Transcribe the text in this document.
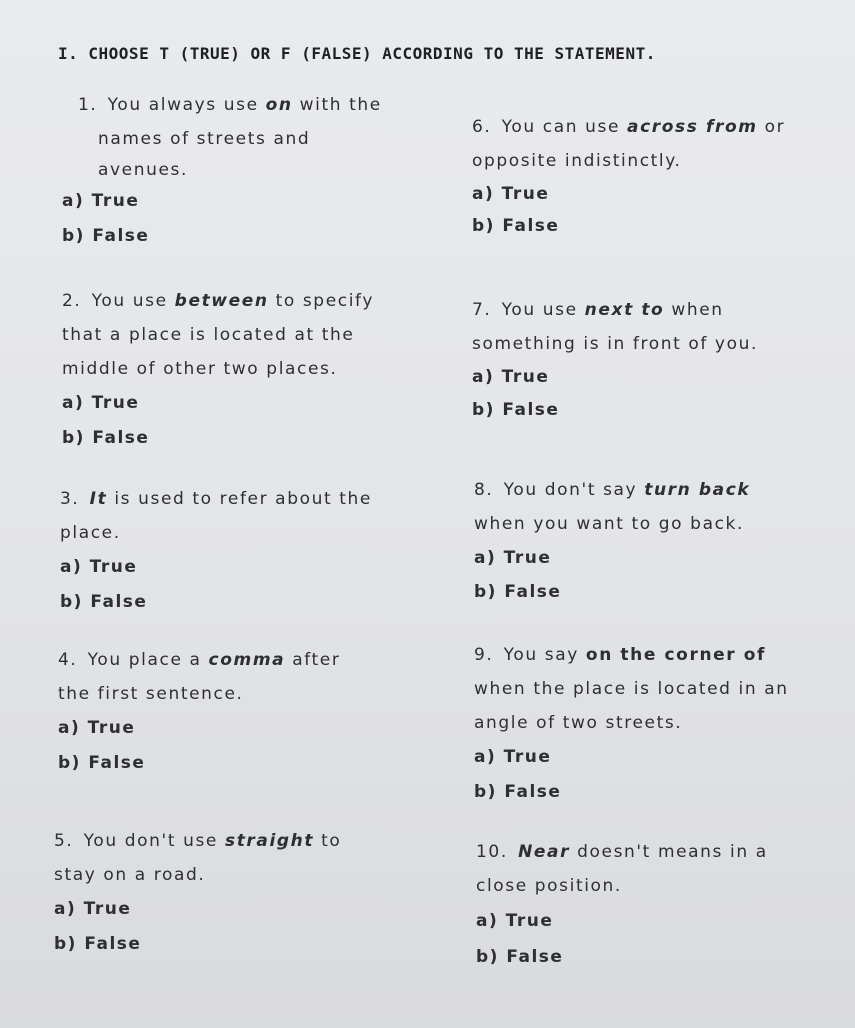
I. CHOOSE T (TRUE) OR F (FALSE) ACCORDING TO THE STATEMENT.
1. You always use on with the
names of streets and
avenues.
a) True
b) False
2. You use between to specify
that a place is located at the
middle of other two places.
a) True
b) False
3. It is used to refer about the
place.
a) True
b) False
4. You place a comma after
the first sentence.
a) True
b) False
5. You don't use straight to
stay on a road.
a) True
b) False
6. You can use across from or
opposite indistinctly.
a) True
b) False
7. You use next to when
something is in front of you.
a) True
b) False
8. You don't say turn back
when you want to go back.
a) True
b) False
9. You say on the corner of
when the place is located in an
angle of two streets.
a) True
b) False
10. Near doesn't means in a
close position.
a) True
b) False
